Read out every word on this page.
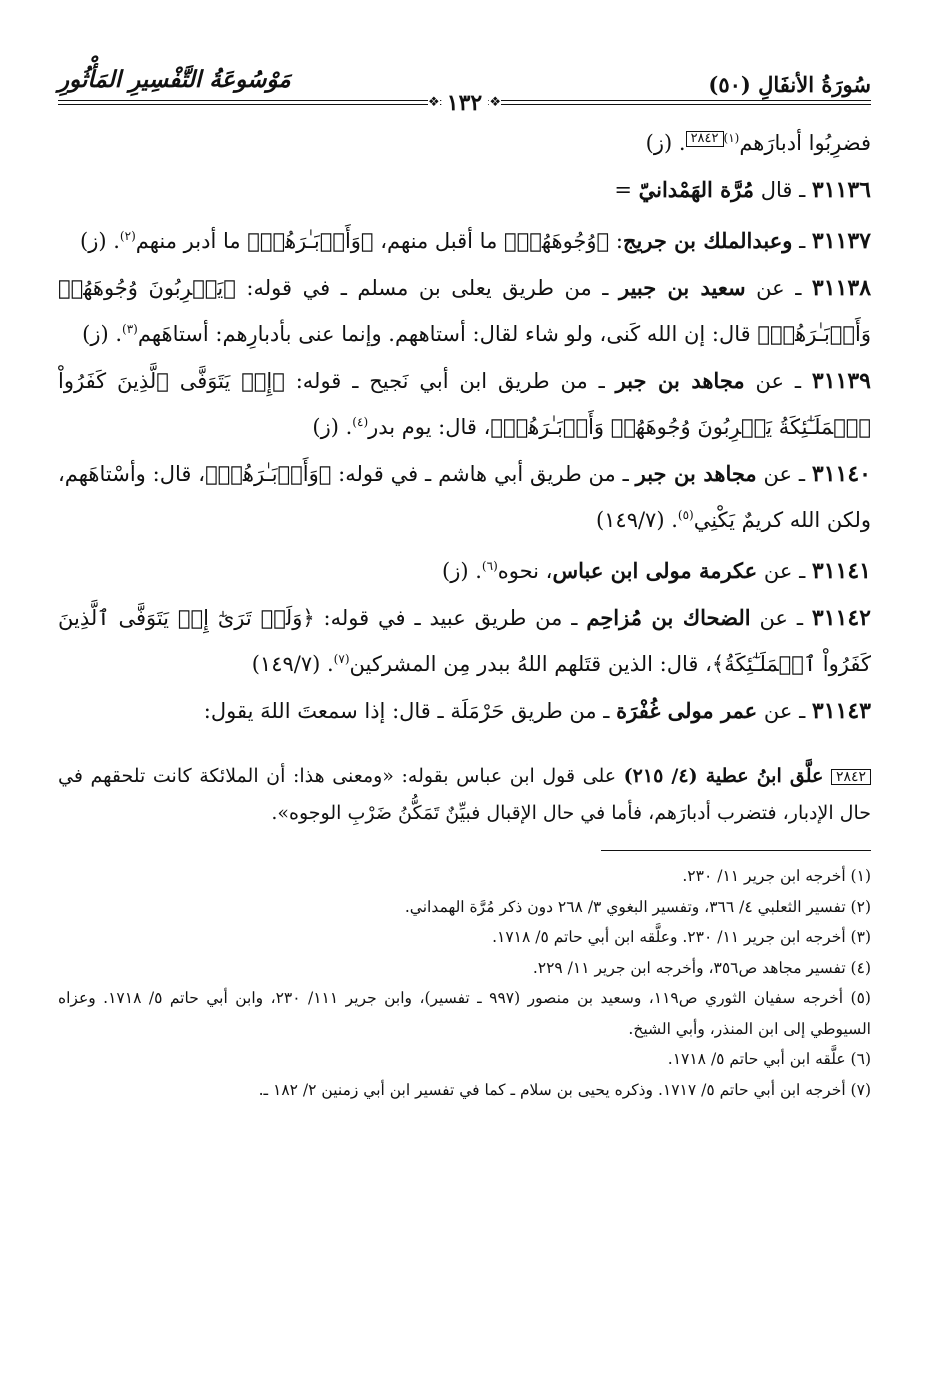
سُورَةُ الأنفَالِ (٥٠)
❖
١٣٢
❖
مَوْسُوعَةُ التَّفْسِيرِ المَأْثُورِ

فضرِبُوا أدبارَهم$^{(١)}$٢٨٤٢. (ز)

٣١١٣٦ ـ قال مُرَّة الهَمْدانيّ =

٣١١٣٧ ـ وعبدالملك بن جريج: ﴿وُجُوهَهُمۡ﴾ ما أقبل منهم، ﴿وَأَدۡبَـٰرَهُمۡ﴾ ما أدبر منهم$^{(٢)}$. (ز)

٣١١٣٨ ـ عن سعيد بن جبير ـ من طريق يعلى بن مسلم ـ في قوله: ﴿يَضۡرِبُونَ وُجُوهَهُمۡ وَأَدۡبَـٰرَهُمۡ﴾ قال: إن الله كَنى، ولو شاء لقال: أستاههم. وإنما عنى بأدبارِهم: أستاهَهم$^{(٣)}$. (ز)

٣١١٣٩ ـ عن مجاهد بن جبر ـ من طريق ابن أبي نَجيح ـ قوله: ﴿إِذۡ يَتَوَفَّى ٱلَّذِينَ كَفَرُواْ ٱلۡمَلَـٰٓئِكَةُ يَضۡرِبُونَ وُجُوهَهُمۡ وَأَدۡبَـٰرَهُمۡ﴾، قال: يوم بدر$^{(٤)}$. (ز)

٣١١٤٠ ـ عن مجاهد بن جبر ـ من طريق أبي هاشم ـ في قوله: ﴿وَأَدۡبَـٰرَهُمۡ﴾، قال: وأسْتاهَهم، ولكن الله كريمٌ يَكْنِي$^{(٥)}$. (١٤٩/٧)

٣١١٤١ ـ عن عكرمة مولى ابن عباس، نحوه$^{(٦)}$. (ز)

٣١١٤٢ ـ عن الضحاك بن مُزاحِم ـ من طريق عبيد ـ في قوله: ﴿وَلَوۡ تَرَىٰٓ إِذۡ يَتَوَفَّى ٱلَّذِينَ كَفَرُواْ ٱلۡمَلَـٰٓئِكَةُ﴾، قال: الذين قتَلهم اللهُ ببدر مِن المشركين$^{(٧)}$. (١٤٩/٧)

٣١١٤٣ ـ عن عمر مولى غُفْرَة ـ من طريق حَرْمَلَة ـ قال: إذا سمعتَ اللهَ يقول:

٢٨٤٢ علَّق ابنُ عطية (٤/ ٢١٥) على قول ابن عباس بقوله: «ومعنى هذا: أن الملائكة كانت تلحقهم في حال الإدبار، فتضرب أدبارَهم، فأما في حال الإقبال فبيِّنٌ تَمَكُّنُ ضَرْبِ الوجوه».

(١) أخرجه ابن جرير ١١/ ٢٣٠.

(٢) تفسير الثعلبي ٤/ ٣٦٦، وتفسير البغوي ٣/ ٢٦٨ دون ذكر مُرَّة الهمداني.

(٣) أخرجه ابن جرير ١١/ ٢٣٠. وعلَّقه ابن أبي حاتم ٥/ ١٧١٨.

(٤) تفسير مجاهد ص٣٥٦، وأخرجه ابن جرير ١١/ ٢٢٩.

(٥) أخرجه سفيان الثوري ص١١٩، وسعيد بن منصور (٩٩٧ ـ تفسير)، وابن جرير ١١١/ ٢٣٠، وابن أبي حاتم ٥/ ١٧١٨. وعزاه السيوطي إلى ابن المنذر، وأبي الشيخ.

(٦) علَّقه ابن أبي حاتم ٥/ ١٧١٨.

(٧) أخرجه ابن أبي حاتم ٥/ ١٧١٧. وذكره يحيى بن سلام ـ كما في تفسير ابن أبي زمنين ٢/ ١٨٢ ـ.
